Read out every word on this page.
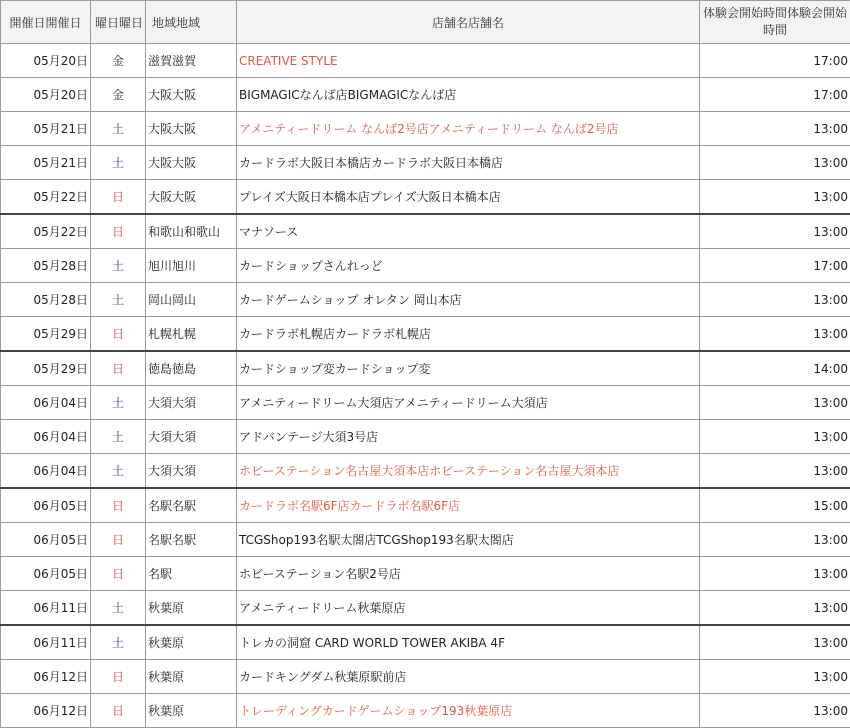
開催日開催日	曜日曜日	地域地域	店舗名店舗名	体験会開始時間体験会開始時間
05月20日	金	滋賀滋賀	CREATIVE STYLE	17:00
05月20日	金	大阪大阪	BIGMAGICなんば店BIGMAGICなんば店	17:00
05月21日	土	大阪大阪	アメニティードリーム なんば2号店アメニティードリーム なんば2号店	13:00
05月21日	土	大阪大阪	カードラボ大阪日本橋店カードラボ大阪日本橋店	13:00
05月22日	日	大阪大阪	プレイズ大阪日本橋本店プレイズ大阪日本橋本店	13:00
05月22日	日	和歌山和歌山	マナソース	13:00
05月28日	土	旭川旭川	カードショップさんれっど	17:00
05月28日	土	岡山岡山	カードゲームショップ オレタン 岡山本店	13:00
05月29日	日	札幌札幌	カードラボ札幌店カードラボ札幌店	13:00
05月29日	日	徳島徳島	カードショップ変カードショップ変	14:00
06月04日	土	大須大須	アメニティードリーム大須店アメニティードリーム大須店	13:00
06月04日	土	大須大須	アドバンテージ大須3号店	13:00
06月04日	土	大須大須	ホビーステーション名古屋大須本店ホビーステーション名古屋大須本店	13:00
06月05日	日	名駅名駅	カードラボ名駅6F店カードラボ名駅6F店	15:00
06月05日	日	名駅名駅	TCGShop193名駅太閤店TCGShop193名駅太閤店	13:00
06月05日	日	名駅	ホビーステーション名駅2号店	13:00
06月11日	土	秋葉原	アメニティードリーム秋葉原店	13:00
06月11日	土	秋葉原	トレカの洞窟 CARD WORLD TOWER AKIBA 4F	13:00
06月12日	日	秋葉原	カードキングダム秋葉原駅前店	13:00
06月12日	日	秋葉原	トレーディングカードゲームショップ193秋葉原店	13:00
